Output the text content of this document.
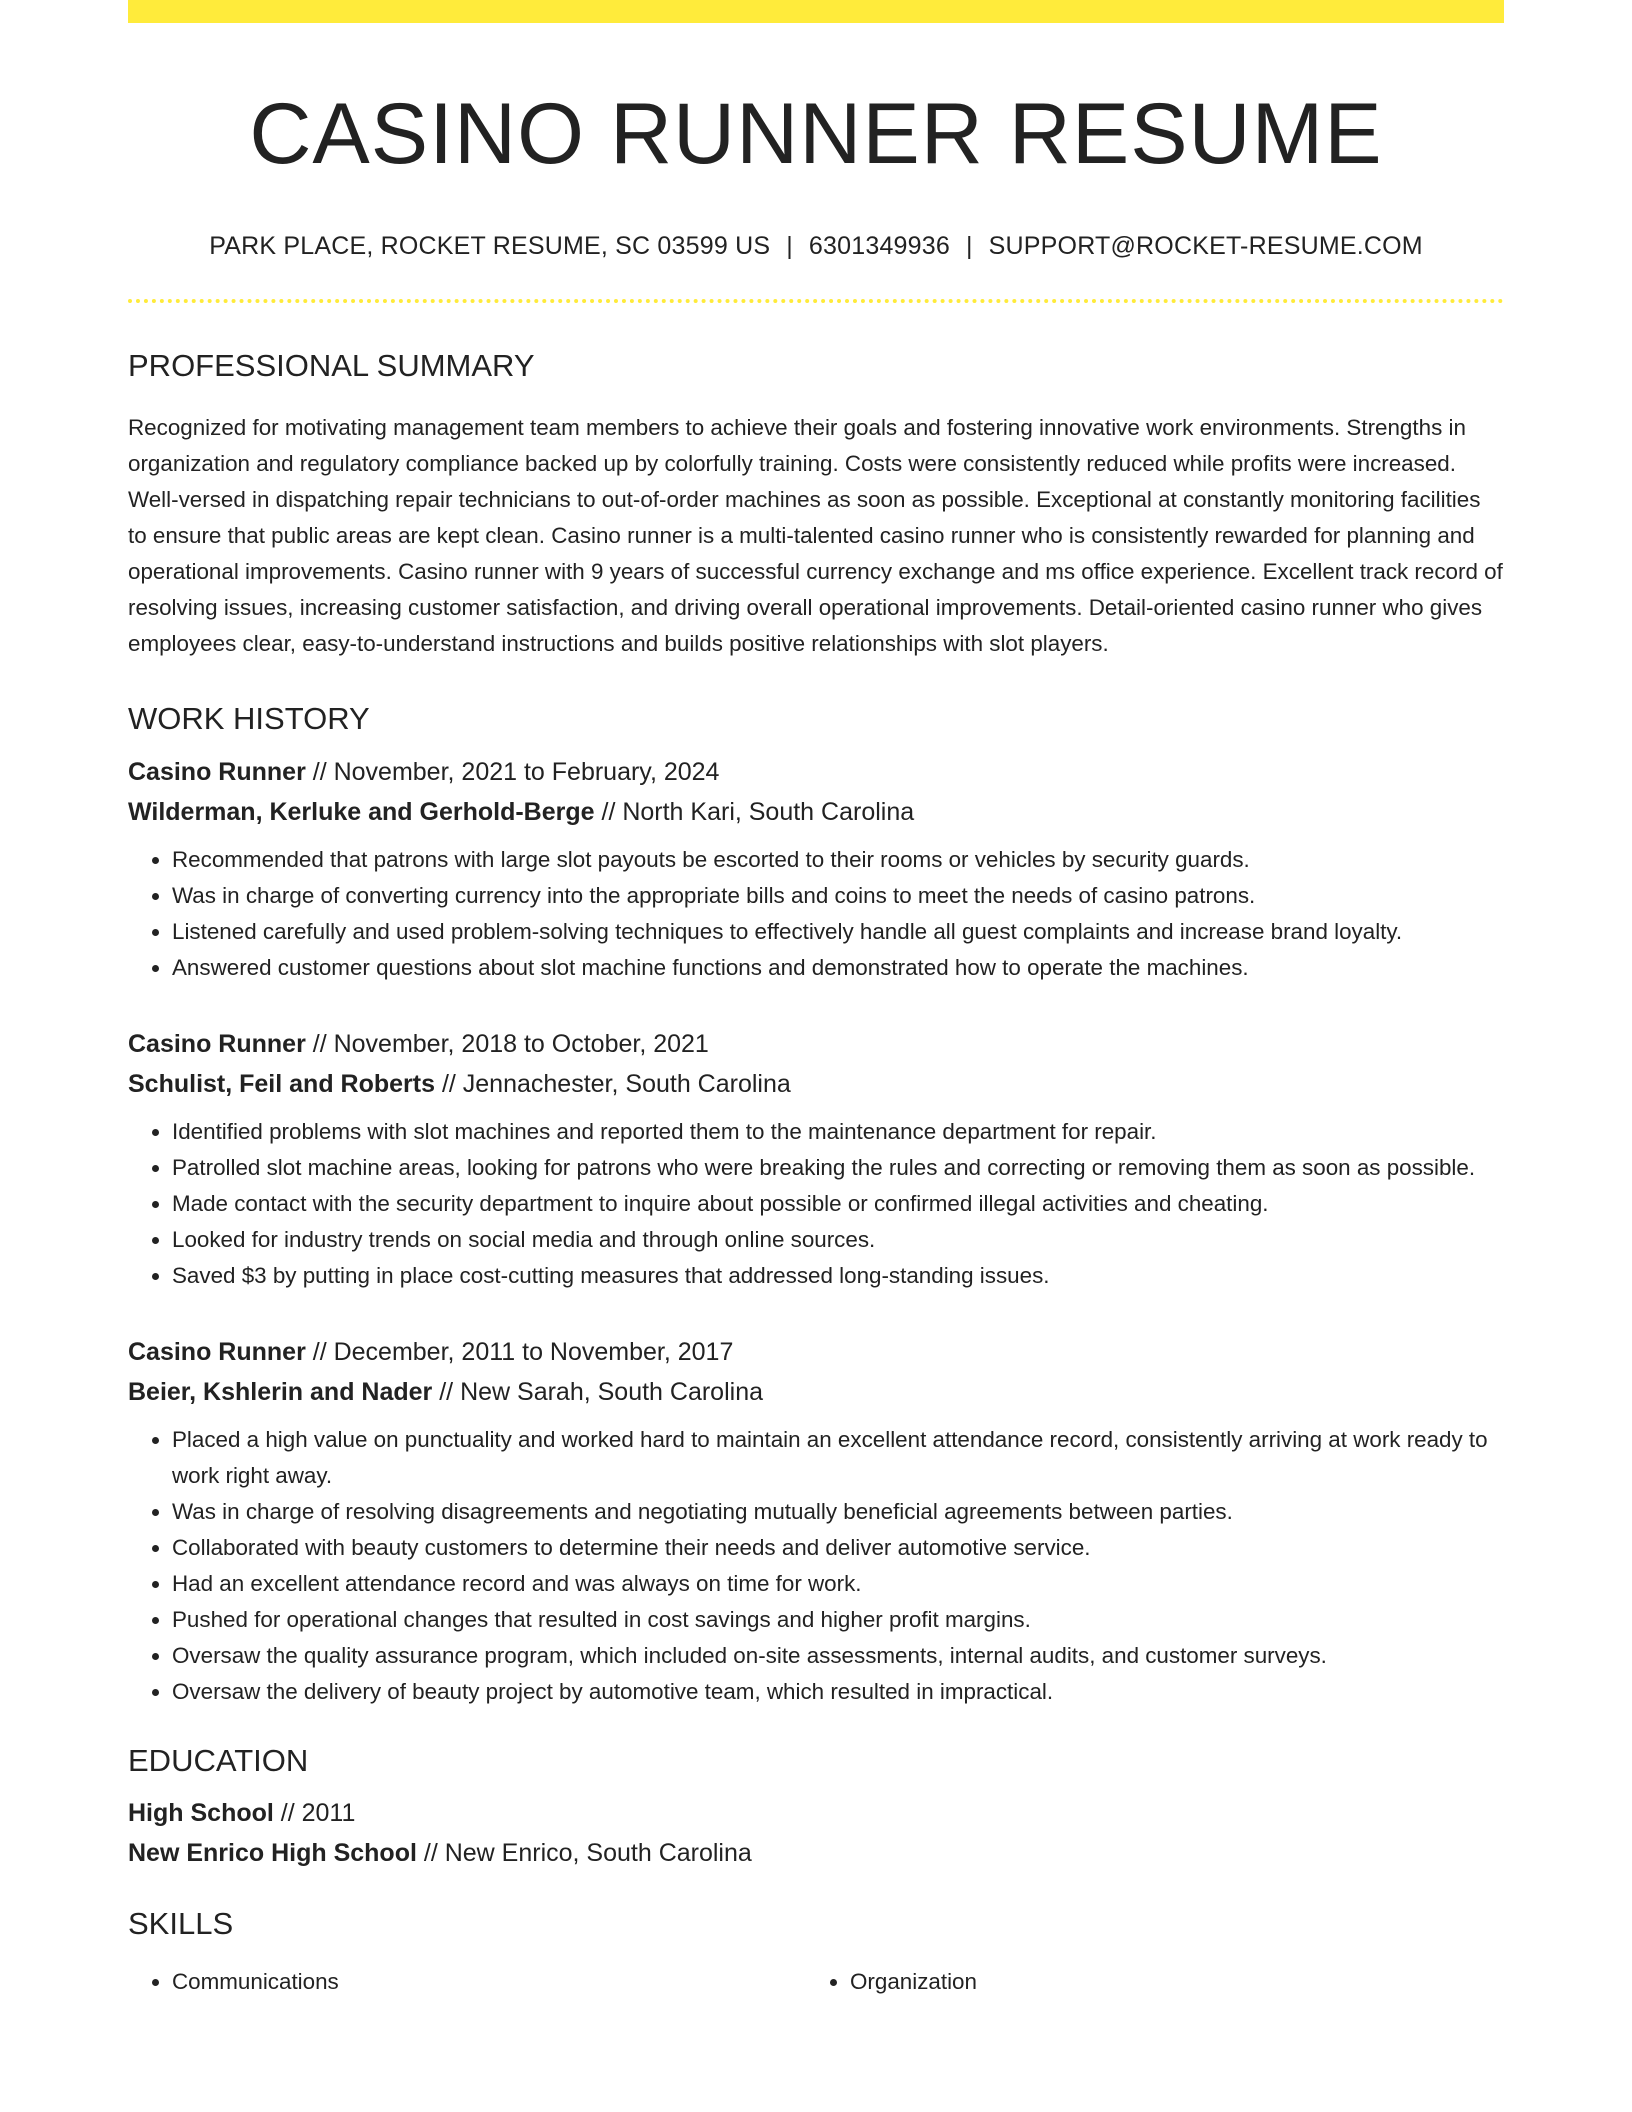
CASINO RUNNER RESUME
PARK PLACE, ROCKET RESUME, SC 03599 US | 6301349936 | SUPPORT@ROCKET-RESUME.COM
PROFESSIONAL SUMMARY
Recognized for motivating management team members to achieve their goals and fostering innovative work environments. Strengths in organization and regulatory compliance backed up by colorfully training. Costs were consistently reduced while profits were increased. Well-versed in dispatching repair technicians to out-of-order machines as soon as possible. Exceptional at constantly monitoring facilities to ensure that public areas are kept clean. Casino runner is a multi-talented casino runner who is consistently rewarded for planning and operational improvements. Casino runner with 9 years of successful currency exchange and ms office experience. Excellent track record of resolving issues, increasing customer satisfaction, and driving overall operational improvements. Detail-oriented casino runner who gives employees clear, easy-to-understand instructions and builds positive relationships with slot players.
WORK HISTORY
Casino Runner // November, 2021 to February, 2024
Wilderman, Kerluke and Gerhold-Berge // North Kari, South Carolina
• Recommended that patrons with large slot payouts be escorted to their rooms or vehicles by security guards.
• Was in charge of converting currency into the appropriate bills and coins to meet the needs of casino patrons.
• Listened carefully and used problem-solving techniques to effectively handle all guest complaints and increase brand loyalty.
• Answered customer questions about slot machine functions and demonstrated how to operate the machines.
Casino Runner // November, 2018 to October, 2021
Schulist, Feil and Roberts // Jennachester, South Carolina
• Identified problems with slot machines and reported them to the maintenance department for repair.
• Patrolled slot machine areas, looking for patrons who were breaking the rules and correcting or removing them as soon as possible.
• Made contact with the security department to inquire about possible or confirmed illegal activities and cheating.
• Looked for industry trends on social media and through online sources.
• Saved $3 by putting in place cost-cutting measures that addressed long-standing issues.
Casino Runner // December, 2011 to November, 2017
Beier, Kshlerin and Nader // New Sarah, South Carolina
• Placed a high value on punctuality and worked hard to maintain an excellent attendance record, consistently arriving at work ready to work right away.
• Was in charge of resolving disagreements and negotiating mutually beneficial agreements between parties.
• Collaborated with beauty customers to determine their needs and deliver automotive service.
• Had an excellent attendance record and was always on time for work.
• Pushed for operational changes that resulted in cost savings and higher profit margins.
• Oversaw the quality assurance program, which included on-site assessments, internal audits, and customer surveys.
• Oversaw the delivery of beauty project by automotive team, which resulted in impractical.
EDUCATION
High School // 2011
New Enrico High School // New Enrico, South Carolina
SKILLS
• Communications
•	Organization
